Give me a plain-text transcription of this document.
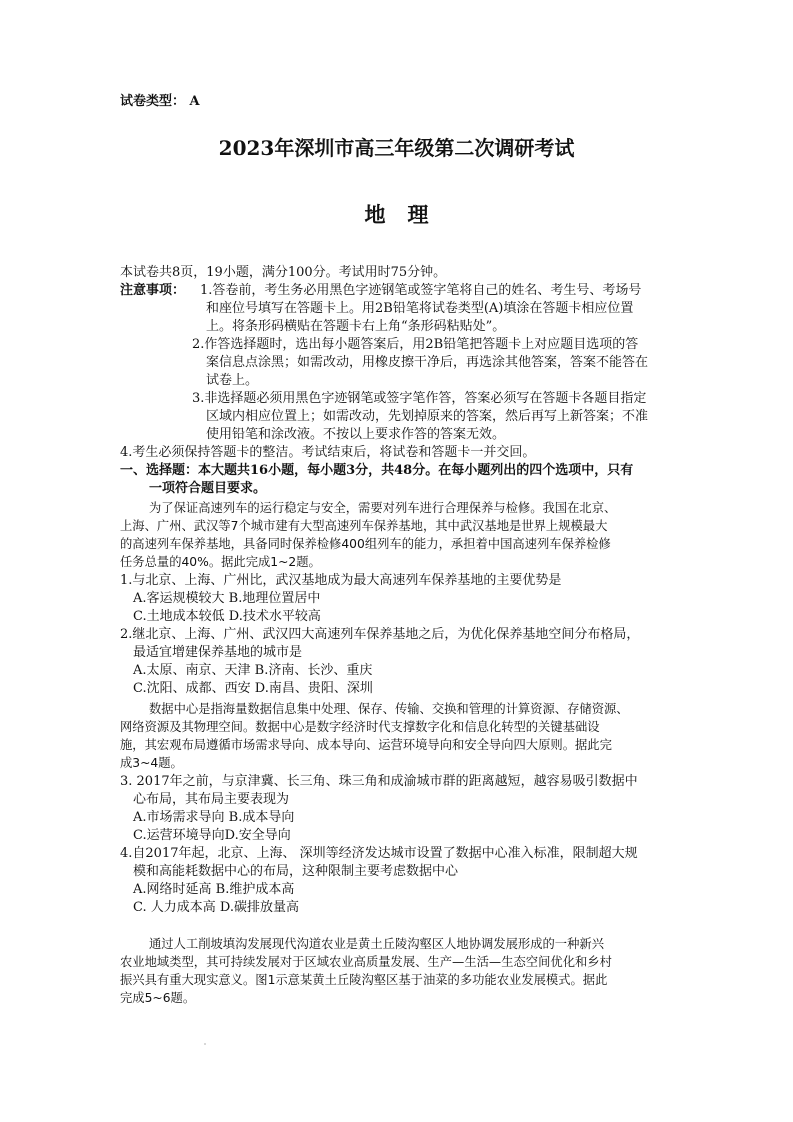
试卷类型： A
2023年深圳市高三年级第二次调研考试
地理
本试卷共8页，19小题，满分100分。考试用时75分钟。
注意事项： 1.答卷前，考生务必用黑色字迹钢笔或签字笔将自己的姓名、考生号、考场号
和座位号填写在答题卡上。用2B铅笔将试卷类型(A)填涂在答题卡相应位置
上。将条形码横贴在答题卡右上角“条形码粘贴处”。
2.作答选择题时，选出每小题答案后，用2B铅笔把答题卡上对应题目选项的答
案信息点涂黑；如需改动，用橡皮擦干净后，再选涂其他答案，答案不能答在
试卷上。
3.非选择题必须用黑色字迹钢笔或签字笔作答，答案必须写在答题卡各题目指定
区域内相应位置上；如需改动，先划掉原来的答案，然后再写上新答案；不准
使用铅笔和涂改液。不按以上要求作答的答案无效。
4.考生必须保持答题卡的整洁。考试结束后，将试卷和答题卡一并交回。
一、选择题：本大题共16小题，每小题3分，共48分。在每小题列出的四个选项中，只有
一项符合题目要求。
为了保证高速列车的运行稳定与安全，需要对列车进行合理保养与检修。我国在北京、
上海、广州、武汉等7个城市建有大型高速列车保养基地，其中武汉基地是世界上规模最大
的高速列车保养基地，具备同时保养检修400组列车的能力，承担着中国高速列车保养检修
任务总量的40%。据此完成1~2题。
1.与北京、上海、广州比，武汉基地成为最大高速列车保养基地的主要优势是
A.客运规模较大 B.地理位置居中
C.土地成本较低 D.技术水平较高
2.继北京、上海、广州、武汉四大高速列车保养基地之后，为优化保养基地空间分布格局，
最适宜增建保养基地的城市是
A.太原、南京、天津 B.济南、长沙、重庆
C.沈阳、成都、西安 D.南昌、贵阳、深圳
数据中心是指海量数据信息集中处理、保存、传输、交换和管理的计算资源、存储资源、
网络资源及其物理空间。数据中心是数字经济时代支撑数字化和信息化转型的关键基础设
施，其宏观布局遵循市场需求导向、成本导向、运营环境导向和安全导向四大原则。据此完
成3~4题。
3. 2017年之前，与京津冀、长三角、珠三角和成渝城市群的距离越短，越容易吸引数据中
心布局，其布局主要表现为
A.市场需求导向 B.成本导向
C.运营环境导向D.安全导向
4.自2017年起，北京、上海、 深圳等经济发达城市设置了数据中心准入标准，限制超大规
模和高能耗数据中心的布局，这种限制主要考虑数据中心
A.网络时延高 B.维护成本高
C. 人力成本高 D.碳排放量高
通过人工削坡填沟发展现代沟道农业是黄土丘陵沟壑区人地协调发展形成的一种新兴
农业地域类型，其可持续发展对于区域农业高质量发展、生产—生活—生态空间优化和乡村
振兴具有重大现实意义。图1示意某黄土丘陵沟壑区基于油菜的多功能农业发展模式。据此
完成5~6题。
